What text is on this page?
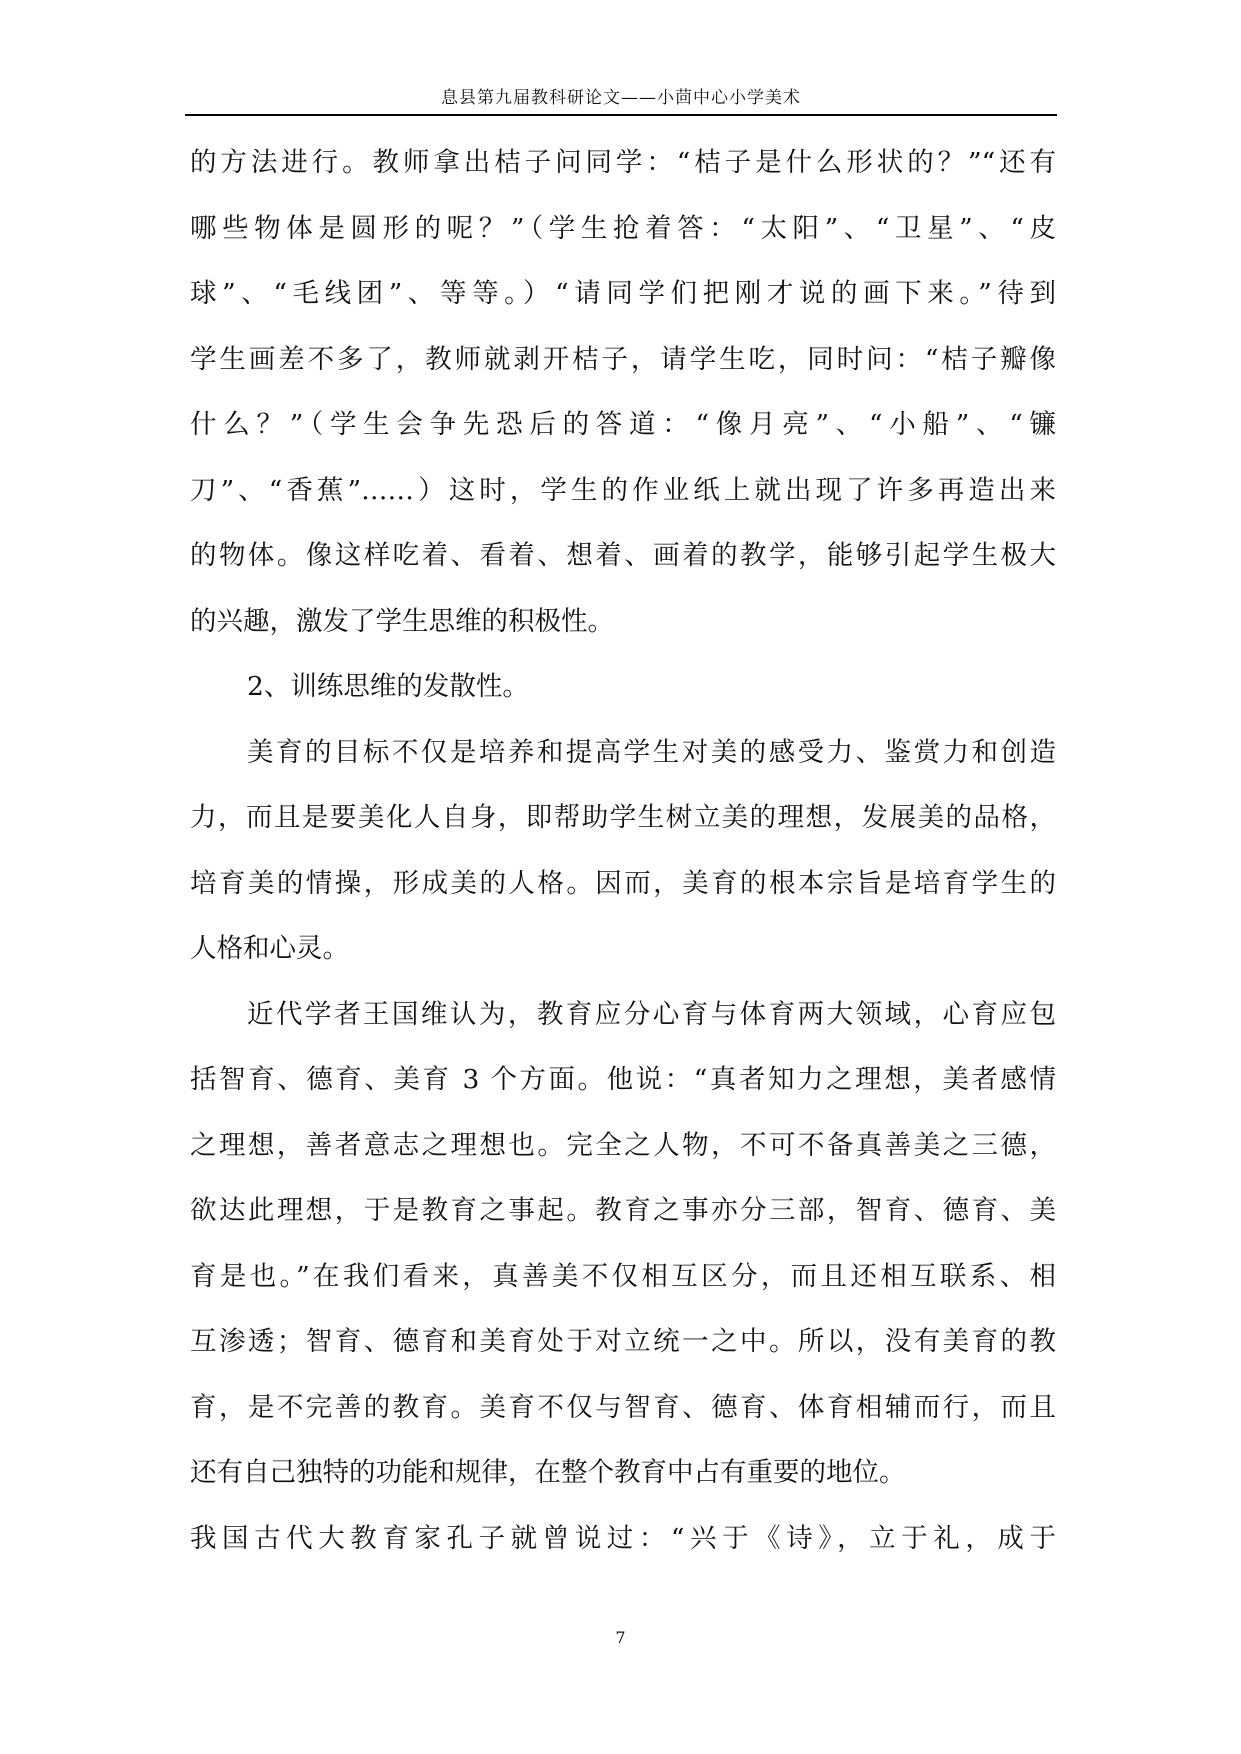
息县第九届教科研论文——小茴中心小学美术
的方法进行。教师拿出桔子问同学：“桔子是什么形状的？”“还有
哪些物体是圆形的呢？”（学生抢着答：“太阳”、“卫星”、“皮
球”、“毛线团”、等等。）“请同学们把刚才说的画下来。”待到
学生画差不多了，教师就剥开桔子，请学生吃，同时问：“桔子瓣像
什么？”（学生会争先恐后的答道：“像月亮”、“小船”、“镰
刀”、“香蕉”……）这时，学生的作业纸上就出现了许多再造出来
的物体。像这样吃着、看着、想着、画着的教学，能够引起学生极大
的兴趣，激发了学生思维的积极性。
2、训练思维的发散性。
美育的目标不仅是培养和提高学生对美的感受力、鉴赏力和创造
力，而且是要美化人自身，即帮助学生树立美的理想，发展美的品格，
培育美的情操，形成美的人格。因而，美育的根本宗旨是培育学生的
人格和心灵。
近代学者王国维认为，教育应分心育与体育两大领域，心育应包
括智育、德育、美育 3 个方面。他说：“真者知力之理想，美者感情
之理想，善者意志之理想也。完全之人物，不可不备真善美之三德，
欲达此理想，于是教育之事起。教育之事亦分三部，智育、德育、美
育是也。”在我们看来，真善美不仅相互区分，而且还相互联系、相
互渗透；智育、德育和美育处于对立统一之中。所以，没有美育的教
育，是不完善的教育。美育不仅与智育、德育、体育相辅而行，而且
还有自己独特的功能和规律，在整个教育中占有重要的地位。
我国古代大教育家孔子就曾说过：“兴于《诗》，立于礼，成于
7
